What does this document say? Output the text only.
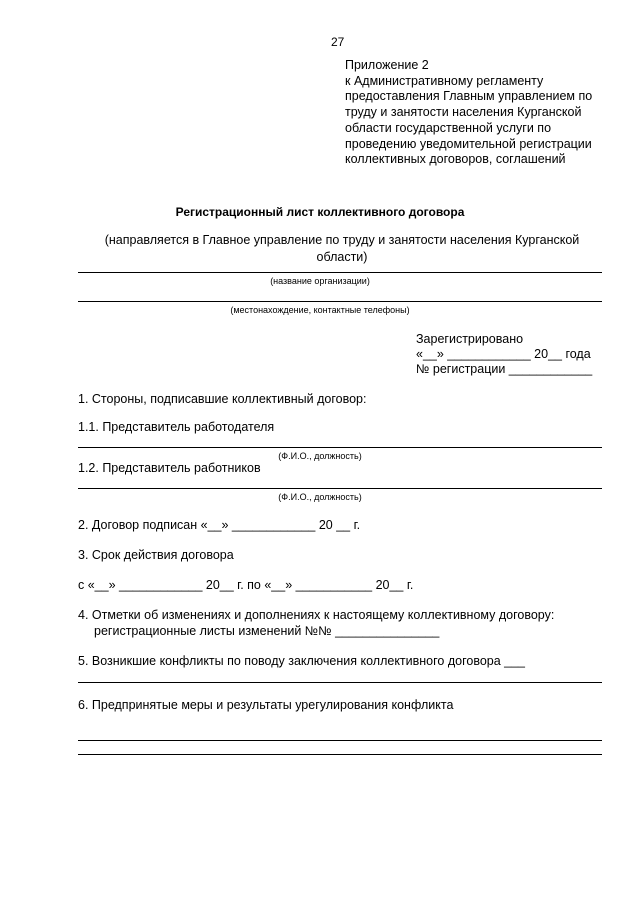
27
Приложение 2
к Административному регламенту
предоставления Главным управлением по
труду и занятости населения Курганской
области государственной услуги по
проведению уведомительной регистрации
коллективных договоров, соглашений
Регистрационный лист коллективного договора
(направляется в Главное управление по труду и занятости населения Курганской области)
(название организации)
(местонахождение, контактные телефоны)
Зарегистрировано
«__» ____________ 20__ года
№ регистрации ____________
1. Стороны, подписавшие коллективный договор:
1.1. Представитель работодателя
(Ф.И.О., должность)
1.2. Представитель работников
(Ф.И.О., должность)
2. Договор подписан «__» ____________ 20 __ г.
3. Срок действия договора
с «__» ____________ 20__ г. по «__» ___________ 20__ г.
4. Отметки об изменениях и дополнениях к настоящему коллективному договору:
регистрационные листы изменений №№ _______________
5. Возникшие конфликты по поводу заключения коллективного договора ___
6. Предпринятые меры и результаты урегулирования конфликта
